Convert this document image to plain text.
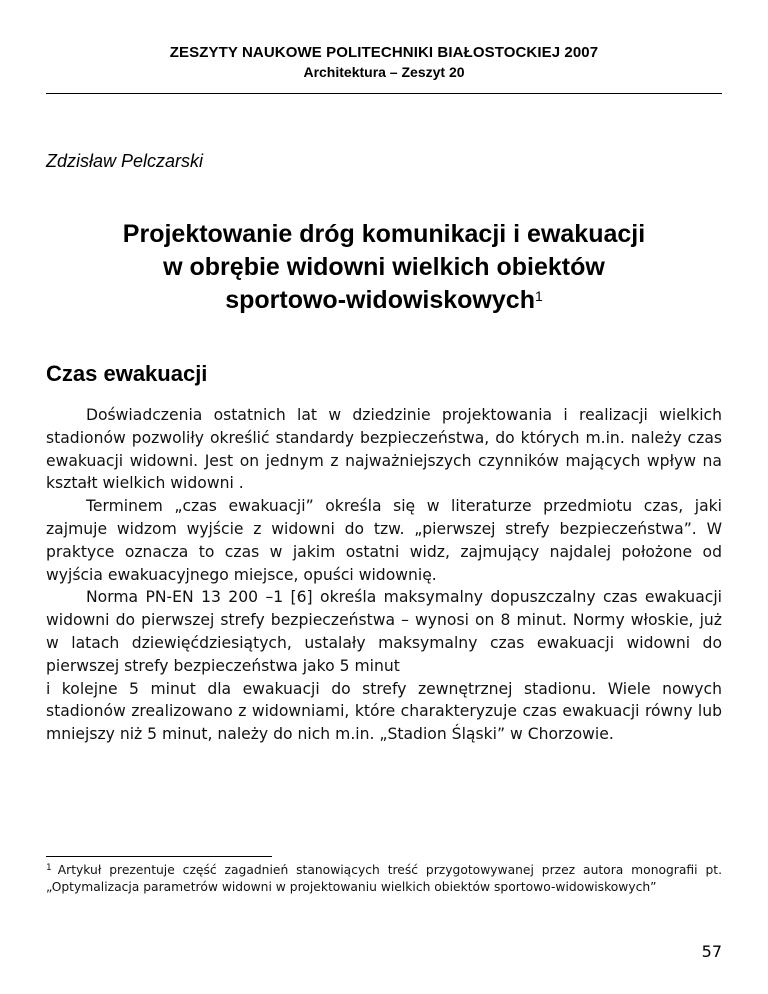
ZESZYTY NAUKOWE POLITECHNIKI BIAŁOSTOCKIEJ 2007
Architektura – Zeszyt 20
Zdzisław Pelczarski
Projektowanie dróg komunikacji i ewakuacji
w obrębie widowni wielkich obiektów
sportowo-widowiskowych$^1$
Czas ewakuacji

Doświadczenia ostatnich lat w dziedzinie projektowania i realizacji wielkich stadionów pozwoliły określić standardy bezpieczeństwa, do których m.in. należy czas ewakuacji widowni. Jest on jednym z najważniejszych czynników mających wpływ na kształt wielkich widowni .

Terminem „czas ewakuacji” określa się w literaturze przedmiotu czas, jaki zajmuje widzom wyjście z widowni do tzw. „pierwszej strefy bezpieczeństwa”. W praktyce oznacza to czas w jakim ostatni widz, zajmujący najdalej położone od wyjścia ewakuacyjnego miejsce, opuści widownię.

Norma PN-EN 13 200 –1 [6] określa maksymalny dopuszczalny czas ewakuacji widowni do pierwszej strefy bezpieczeństwa – wynosi on 8 minut. Normy włoskie, już w latach dziewięćdziesiątych, ustalały maksymalny czas ewakuacji widowni do pierwszej strefy bezpieczeństwa jako 5 minut

i kolejne 5 minut dla ewakuacji do strefy zewnętrznej stadionu. Wiele nowych stadionów zrealizowano z widowniami, które charakteryzuje czas ewakuacji równy lub mniejszy niż 5 minut, należy do nich m.in. „Stadion Śląski” w Chorzowie.

$^1$ Artykuł prezentuje część zagadnień stanowiących treść przygotowywanej przez autora monografii pt. „Optymalizacja parametrów widowni w projektowaniu wielkich obiektów sportowo-widowiskowych”
57
